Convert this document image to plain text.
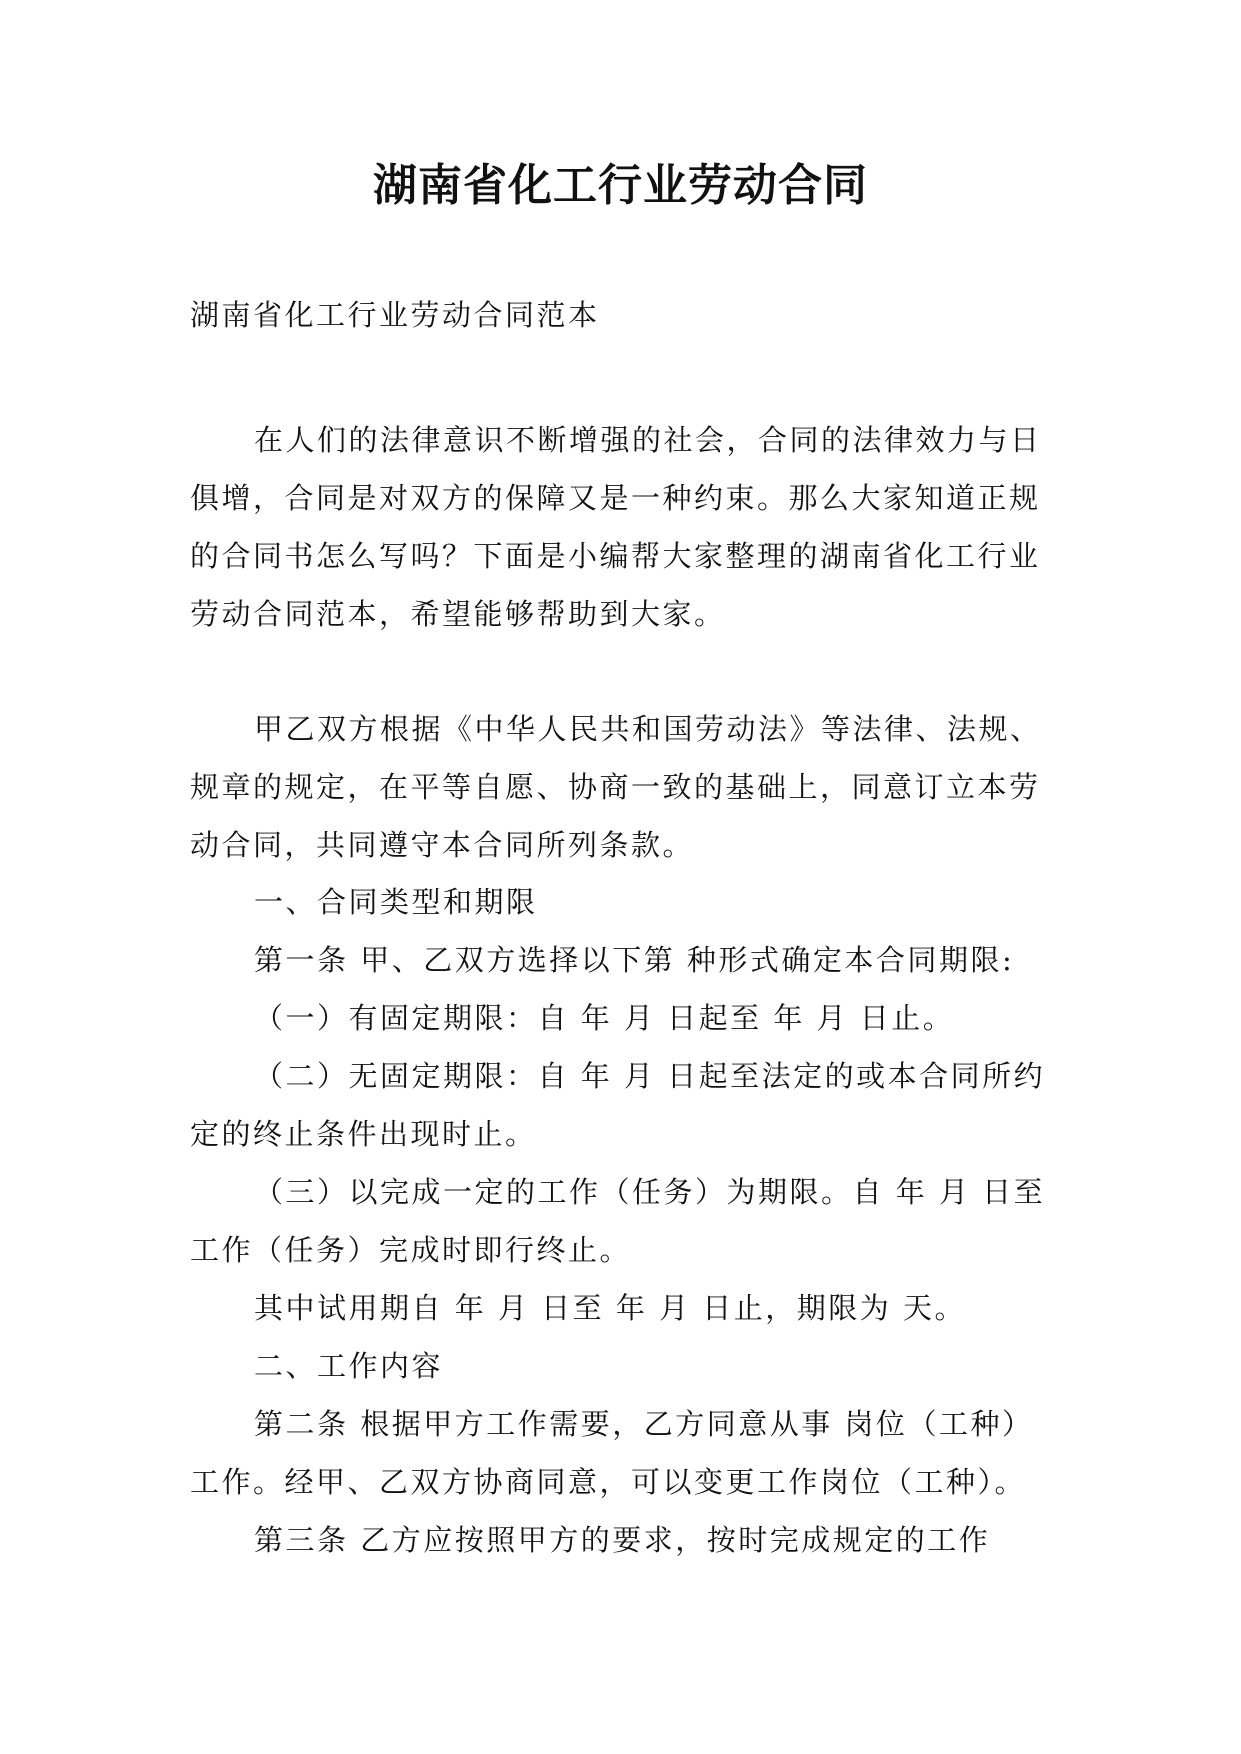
湖南省化工行业劳动合同

湖南省化工行业劳动合同范本

在人们的法律意识不断增强的社会，合同的法律效力与日俱增，合同是对双方的保障又是一种约束。那么大家知道正规的合同书怎么写吗？下面是小编帮大家整理的湖南省化工行业劳动合同范本，希望能够帮助到大家。

甲乙双方根据《中华人民共和国劳动法》等法律、法规、规章的规定，在平等自愿、协商一致的基础上，同意订立本劳动合同，共同遵守本合同所列条款。

一、合同类型和期限

第一条 甲、乙双方选择以下第 种形式确定本合同期限:

（一）有固定期限：自 年 月 日起至 年 月 日止。

（二）无固定期限：自 年 月 日起至法定的或本合同所约定的终止条件出现时止。

（三）以完成一定的工作（任务）为期限。自 年 月 日至 工作（任务）完成时即行终止。

其中试用期自 年 月 日至 年 月 日止，期限为 天。

二、工作内容

第二条 根据甲方工作需要，乙方同意从事 岗位（工种）工作。经甲、乙双方协商同意，可以变更工作岗位（工种）。

第三条 乙方应按照甲方的要求，按时完成规定的工作
